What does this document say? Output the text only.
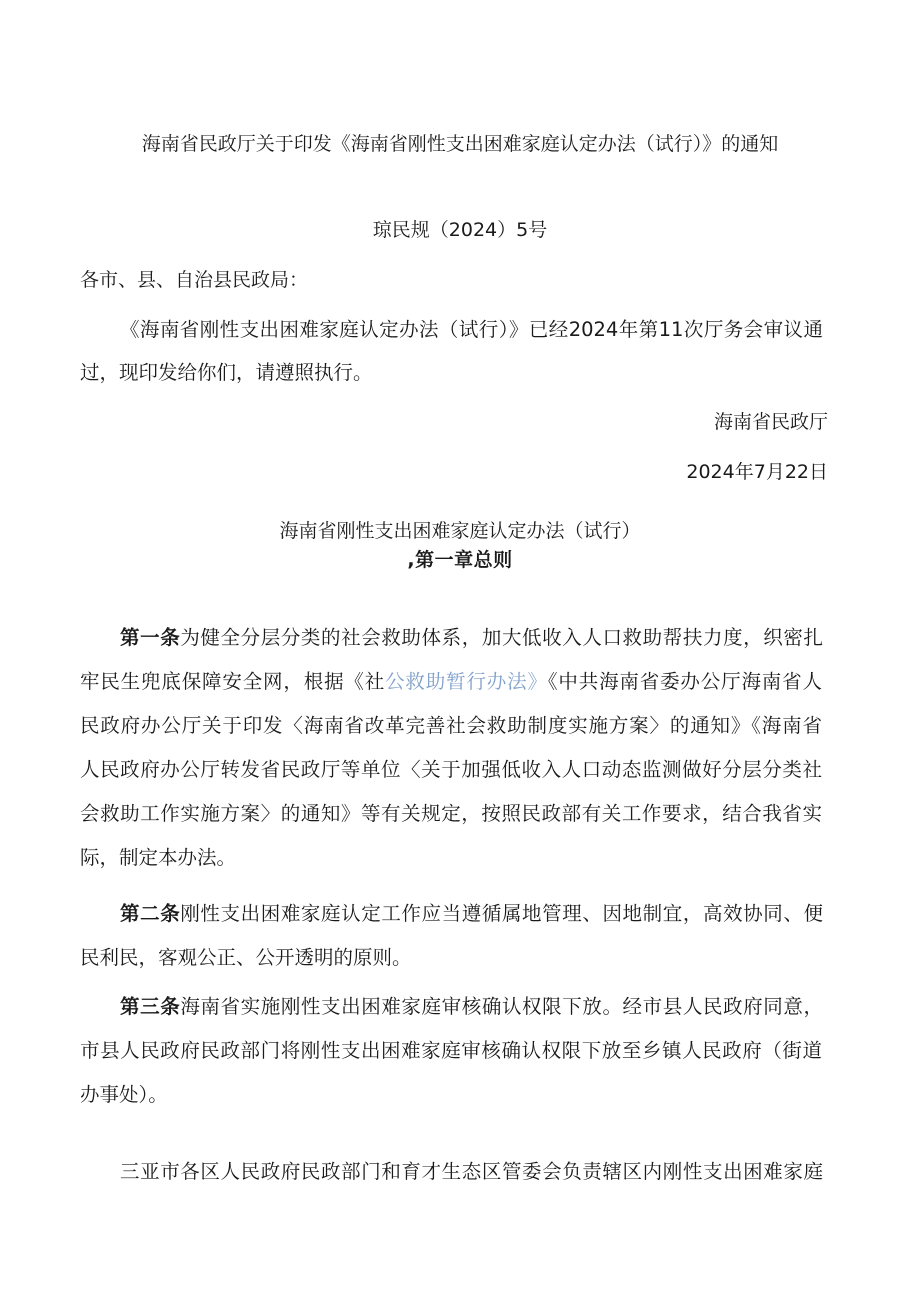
海南省民政厅关于印发《海南省刚性支出困难家庭认定办法（试行）》的通知
琼民规（2024）5号
各市、县、自治县民政局：
《海南省刚性支出困难家庭认定办法（试行）》已经2024年第11次厅务会审议通
过，现印发给你们，请遵照执行。
海南省民政厅
2024年7月22日
海南省刚性支出困难家庭认定办法（试行）
,第一章总则
第一条为健全分层分类的社会救助体系，加大低收入人口救助帮扶力度，织密扎
牢民生兜底保障安全网，根据《社公救助暂行办法》《中共海南省委办公厅海南省人
民政府办公厅关于印发〈海南省改革完善社会救助制度实施方案〉的通知》《海南省
人民政府办公厅转发省民政厅等单位〈关于加强低收入人口动态监测做好分层分类社
会救助工作实施方案〉的通知》等有关规定，按照民政部有关工作要求，结合我省实
际，制定本办法。
第二条刚性支出困难家庭认定工作应当遵循属地管理、因地制宜，高效协同、便
民利民，客观公正、公开透明的原则。
第三条海南省实施刚性支出困难家庭审核确认权限下放。经市县人民政府同意，
市县人民政府民政部门将刚性支出困难家庭审核确认权限下放至乡镇人民政府（街道
办事处）。
三亚市各区人民政府民政部门和育才生态区管委会负责辖区内刚性支出困难家庭
